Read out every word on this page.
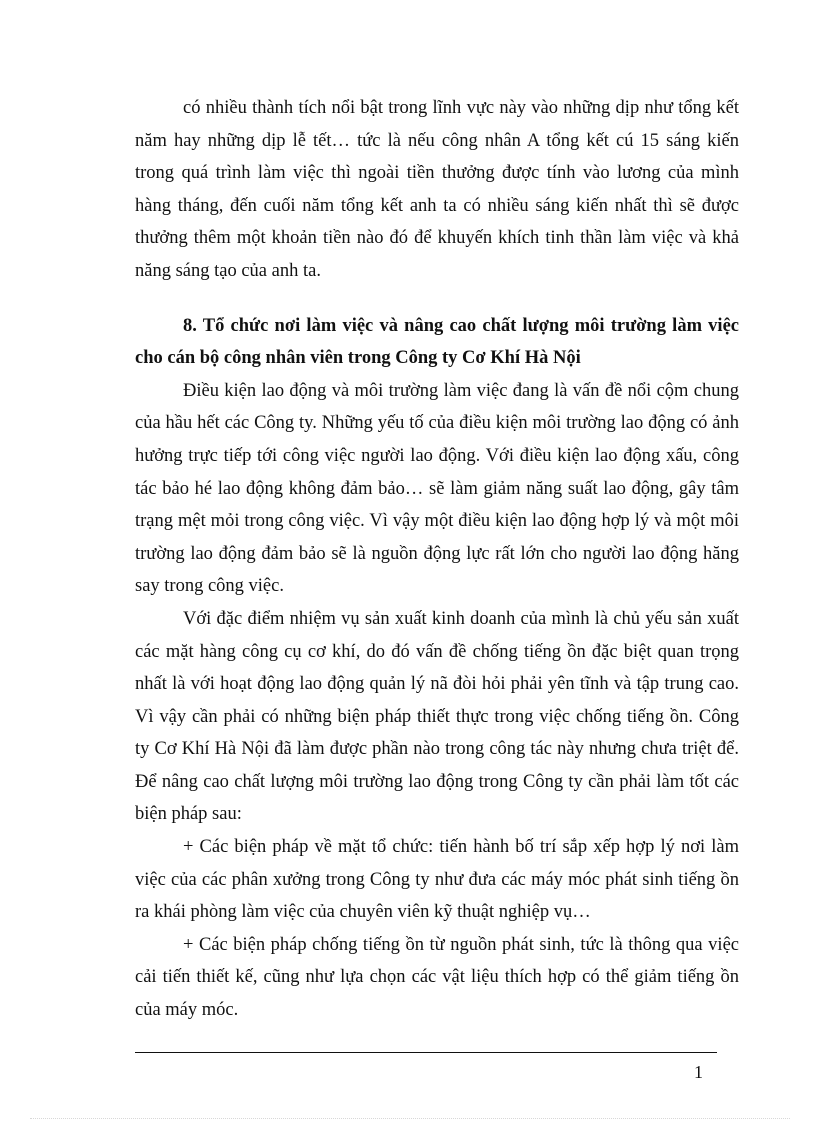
có nhiều thành tích nổi bật trong lĩnh vực này vào những dịp như tổng kết năm hay những dịp lễ tết… tức là nếu công nhân A tổng kết cú 15 sáng kiến trong quá trình làm việc thì ngoài tiền thưởng được tính vào lương của mình hàng tháng, đến cuối năm tổng kết anh ta có nhiều sáng kiến nhất thì sẽ được thưởng thêm một khoản tiền nào đó để khuyến khích tinh thần làm việc và khả năng sáng tạo của anh ta.

8. Tổ chức nơi làm việc và nâng cao chất lượng môi trường làm việc cho cán bộ công nhân viên trong Công ty Cơ Khí Hà Nội

Điều kiện lao động và môi trường làm việc đang là vấn đề nổi cộm chung của hầu hết các Công ty. Những yếu tố của điều kiện môi trường lao động có ảnh hưởng trực tiếp tới công việc người lao động. Với điều kiện lao động xấu, công tác bảo hé lao động không đảm bảo… sẽ làm giảm năng suất lao động, gây tâm trạng mệt mỏi trong công việc. Vì vậy một điều kiện lao động hợp lý và một môi trường lao động đảm bảo sẽ là nguồn động lực rất lớn cho người lao động hăng say trong công việc.

Với đặc điểm nhiệm vụ sản xuất kinh doanh của mình là chủ yếu sản xuất các mặt hàng công cụ cơ khí, do đó vấn đề chống tiếng ồn đặc biệt quan trọng nhất là với hoạt động lao động quản lý nã đòi hỏi phải yên tĩnh và tập trung cao. Vì vậy cần phải có những biện pháp thiết thực trong việc chống tiếng ồn. Công ty Cơ Khí Hà Nội đã làm được phần nào trong công tác này nhưng chưa triệt để. Để nâng cao chất lượng môi trường lao động trong Công ty cần phải làm tốt các biện pháp sau:

+ Các biện pháp về mặt tổ chức: tiến hành bố trí sắp xếp hợp lý nơi làm việc của các phân xưởng trong Công ty như đưa các máy móc phát sinh tiếng ồn ra khái phòng làm việc của chuyên viên kỹ thuật nghiệp vụ…

+ Các biện pháp chống tiếng ồn từ nguồn phát sinh, tức là thông qua việc cải tiến thiết kế, cũng như lựa chọn các vật liệu thích hợp có thể giảm tiếng ồn của máy móc.

1
